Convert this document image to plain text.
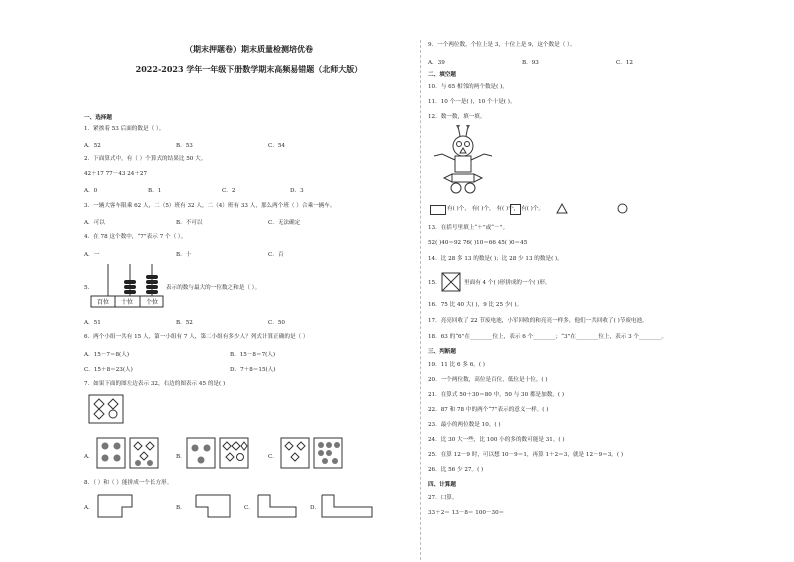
（期末押题卷）期末质量检测培优卷
2022-2023 学年一年级下册数学期末高频易错题（北师大版）
一、选择题
1．紧挨着 53 后面的数是（ ）。
A．52	B．53	C．54
2．下面算式中，有（ ）个算式的结果比 50 大。
42＋17 77－43 24＋27
A．0	B．1	C．2	D．3
3．一辆大客车限乘 62 人，二（5）班有 32 人，二（4）班有 33 人，那么两个班（ ）合乘一辆车。
A．可以	B．不可以	C．无法确定
4．在 78 这个数中，“7”表示 7 个（ ）。
A．一	B．十	C．百
5．
百位 十位 个位
表示的数与最大的一位数之和是（ ）。
A．51	B．52	C．50
6．两个小组一共有 15 人，第一小组有 7 人，第二小组有多少人？列式计算正确的是（ ）
A．15－7＝8(人)	B．15－8＝7(人)
C．15＋8＝23(人)	D．7＋8＝15(人)
7．如果下面的图左边表示 32，右边的图表示 45 的是( )
A．	B．	C．
8．（ ）和（ ）能拼成一个长方形。
A．	B．	C．	D．
9．一个两位数，个位上是 3，十位上是 9，这个数是（ ）。
A．39	B．93	C．12
二、填空题
10．与 65 相邻的两个数是( )。
11．10 个一是( )，10 个十是( )。
12．数一数，填一填。
有( )个， 有( )个， 有( )个， 有( )个。
13．在括号里填上“＋”或“－”。
52( )40＝92 76( )10＝66 45( )0＝45
14．比 28 多 13 的数是( )；比 28 少 13 的数是( )。
15．	里面有 4 个( )形拼成的一个( )形。
16．75 比 40 大( )，9 比 25 少( )。
17．亮亮回收了 22 节废电池，小军回收的和亮亮一样多，他们一共回收了( )节废电池。
18．63 的“6”在________位上，表示 6 个________；“3”在________位上，表示 3 个________。
三、判断题
19．11 比 6 多 6。( )
20．一个两位数，高位是百位，低位是十位。( )
21．在算式 50＋30＝80 中，50 与 30 都是加数。( )
22．87 和 78 中的两个“7”表示的意义一样。( )
23．最小的两位数是 10。( )
24．比 30 大一些，比 100 小的多的数可能是 31。( )
25．在算 12－9 时，可以想 10－9＝1，再算 1＋2＝3，就是 12－9＝3。( )
26．比 56 少 27。( )
四、计算题
27．口算。
33＋2＝ 13－8＝ 100－30＝
